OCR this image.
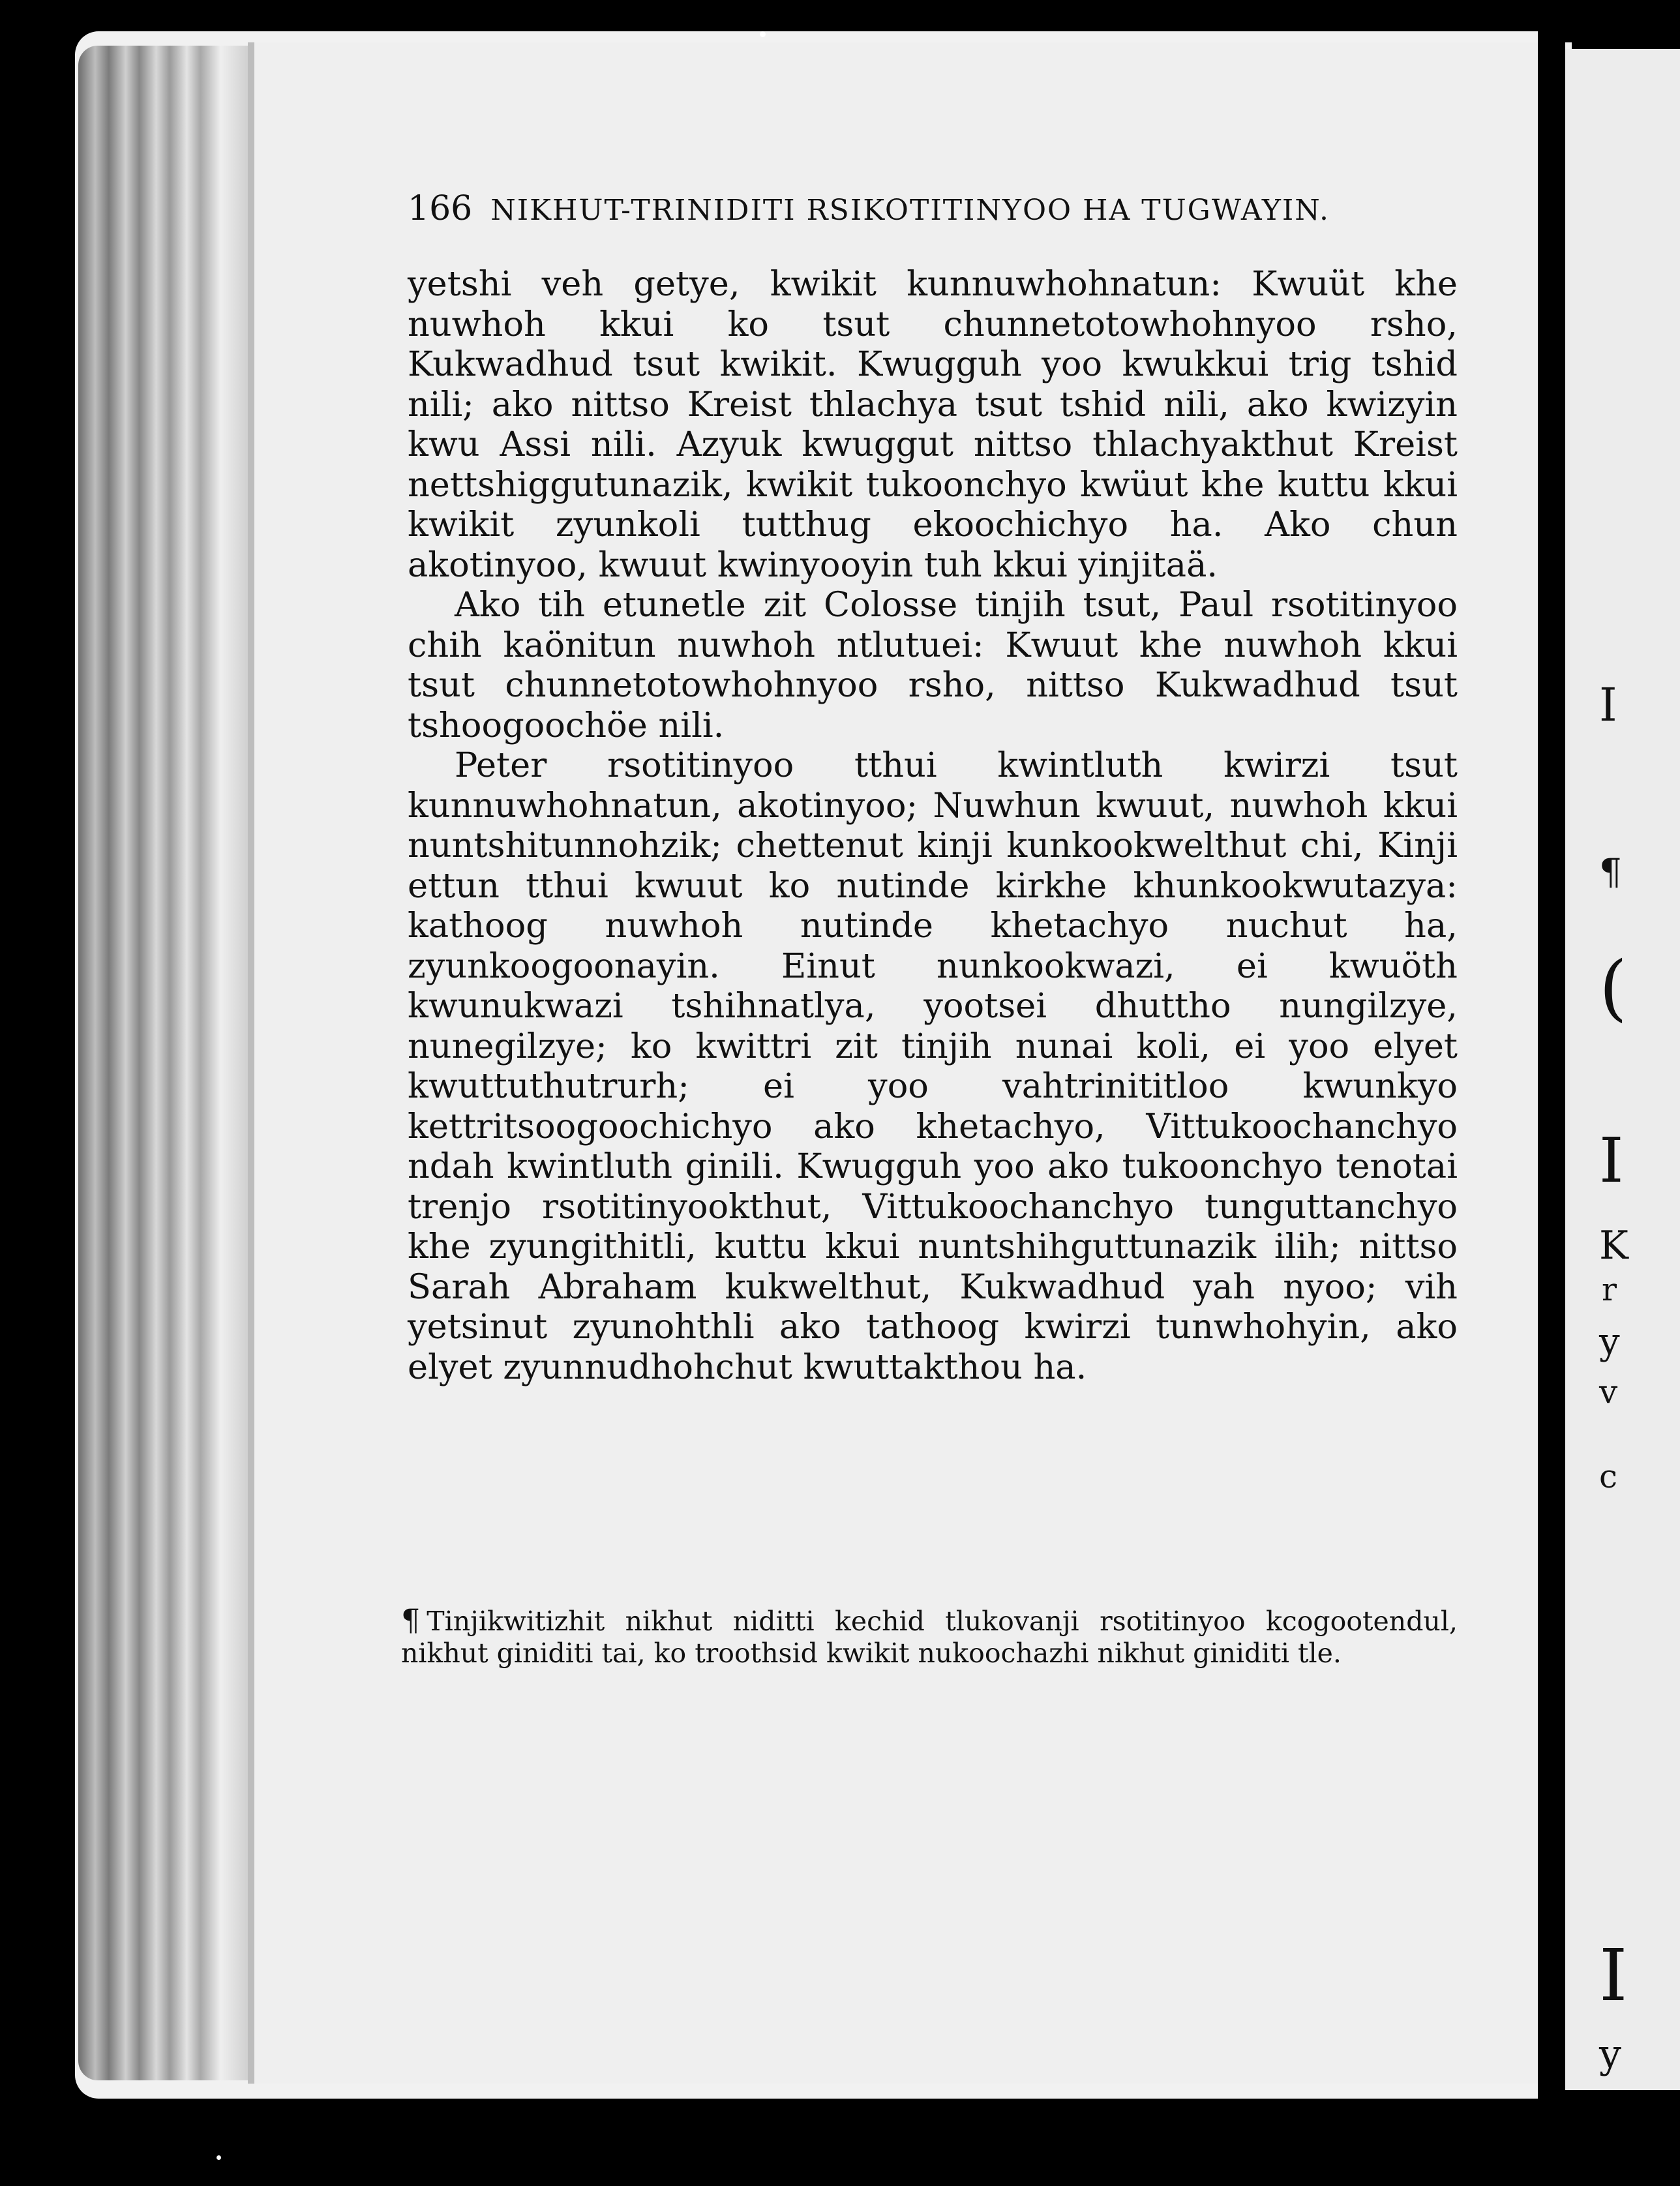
I
¶
(
I
K
r
y
v
c
I
y
166 NIKHUT-TRINIDITI RSIKOTITINYOO HA TUGWAYIN.

yetshi veh getye, kwikit kunnuwhohnatun: Kwuüt khe nuwhoh kkui ko tsut chunnetotowhohnyoo rsho, Kukwadhud tsut kwikit. Kwugguh yoo kwukkui trig tshid nili; ako nittso Kreist thlachya tsut tshid nili, ako kwizyin kwu Assi nili. Azyuk kwuggut nittso thlachyakthut Kreist nettshiggutunazik, kwikit tukoonchyo kwüut khe kuttu kkui kwikit zyunkoli tutthug ekoochichyo ha. Ako chun akotinyoo, kwuut kwinyooyin tuh kkui yinjitaä.

Ako tih etunetle zit Colosse tinjih tsut, Paul rsotitinyoo chih kaönitun nuwhoh ntlutuei: Kwuut khe nuwhoh kkui tsut chunnetotowhohnyoo rsho, nittso Kukwadhud tsut tshoogoochöe nili.

Peter rsotitinyoo tthui kwintluth kwirzi tsut kunnuwhohnatun, akotinyoo; Nuwhun kwuut, nuwhoh kkui nuntshitunnohzik; chettenut kinji kunkookwelthut chi, Kinji ettun tthui kwuut ko nutinde kirkhe khunkookwutazya: kathoog nuwhoh nutinde khetachyo nuchut ha, zyunkoogoonayin. Einut nunkookwazi, ei kwuöth kwunukwazi tshihnatlya, yootsei dhuttho nungilzye, nunegilzye; ko kwittri zit tinjih nunai koli, ei yoo elyet kwuttuthutrurh; ei yoo vahtrinititloo kwunkyo kettritsoogoochichyo ako khetachyo, Vittukoochanchyo ndah kwintluth ginili. Kwugguh yoo ako tukoonchyo tenotai trenjo rsotitinyookthut, Vittukoochanchyo tunguttanchyo khe zyungithitli, kuttu kkui nuntshihguttunazik ilih; nittso Sarah Abraham kukwelthut, Kukwadhud yah nyoo; vih yetsinut zyunohthli ako tathoog kwirzi tunwhohyin, ako elyet zyunnudhohchut kwuttakthou ha.

¶ Tinjikwitizhit nikhut niditti kechid tlukovanji rsotitinyoo kcogootendul, nikhut giniditi tai, ko troothsid kwikit nukoochazhi nikhut giniditi tle.
